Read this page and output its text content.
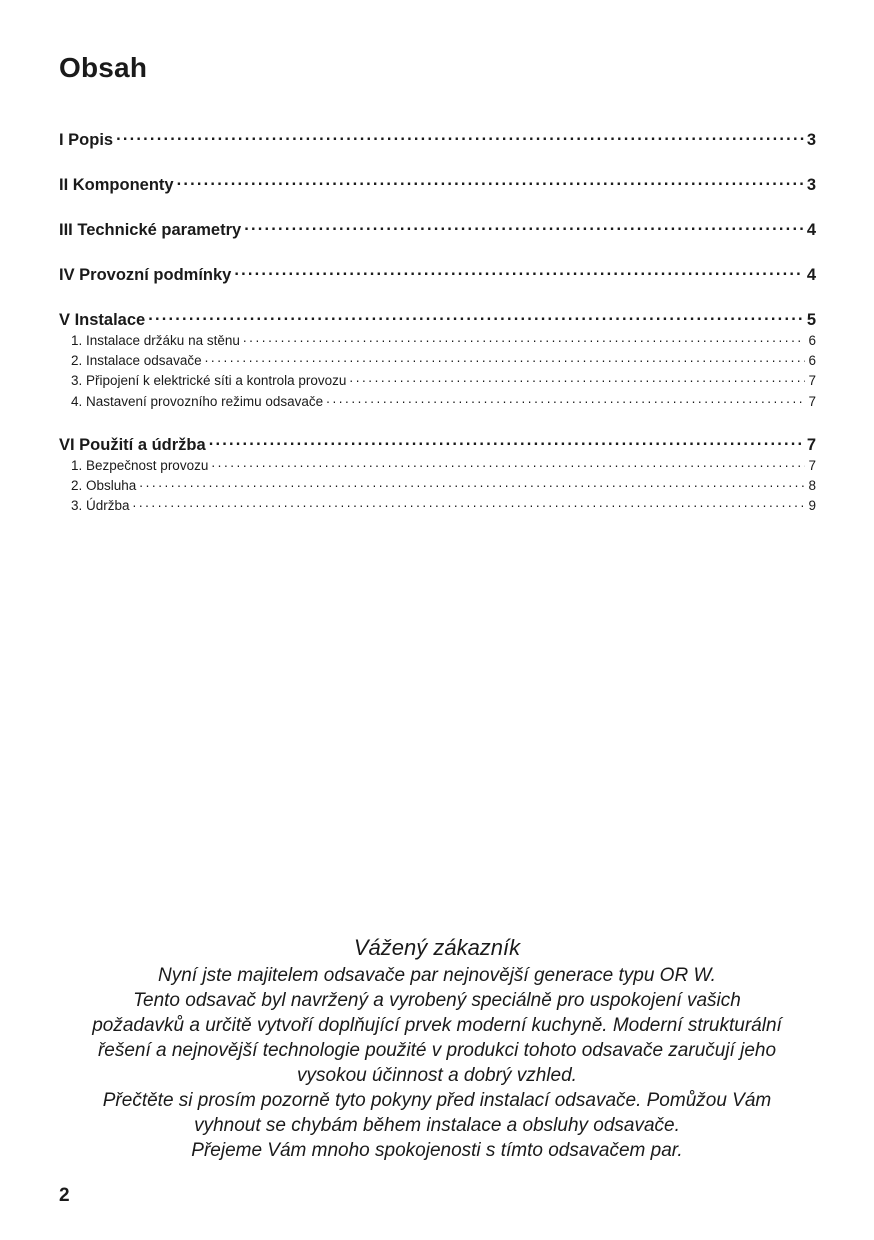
Obsah
I Popis . . .	3
II Komponenty . . .	3
III Technické parametry . . .	4
IV Provozní podmínky . . .	4
V Instalace . . .	5
1. Instalace držáku na stěnu . . .	6
2. Instalace odsavače . . .	6
3. Připojení k elektrické síti a kontrola provozu . . .	7
4. Nastavení provozního režimu odsavače . . .	7
VI Použití a údržba . . .	7
1. Bezpečnost provozu . . .	7
2. Obsluha . . .	8
3. Údržba . . .	9
Vážený zákazník
Nyní jste majitelem odsavače par nejnovější generace typu OR W.
Tento odsavač byl navržený a vyrobený speciálně pro uspokojení vašich
požadavků a určitě vytvoří doplňující prvek moderní kuchyně. Moderní strukturální
řešení a nejnovější technologie použité v produkci tohoto odsavače zaručují jeho
vysokou účinnost a dobrý vzhled.
Přečtěte si prosím pozorně tyto pokyny před instalací odsavače. Pomůžou Vám
vyhnout se chybám během instalace a obsluhy odsavače.
Přejeme Vám mnoho spokojenosti s tímto odsavačem par.
2
